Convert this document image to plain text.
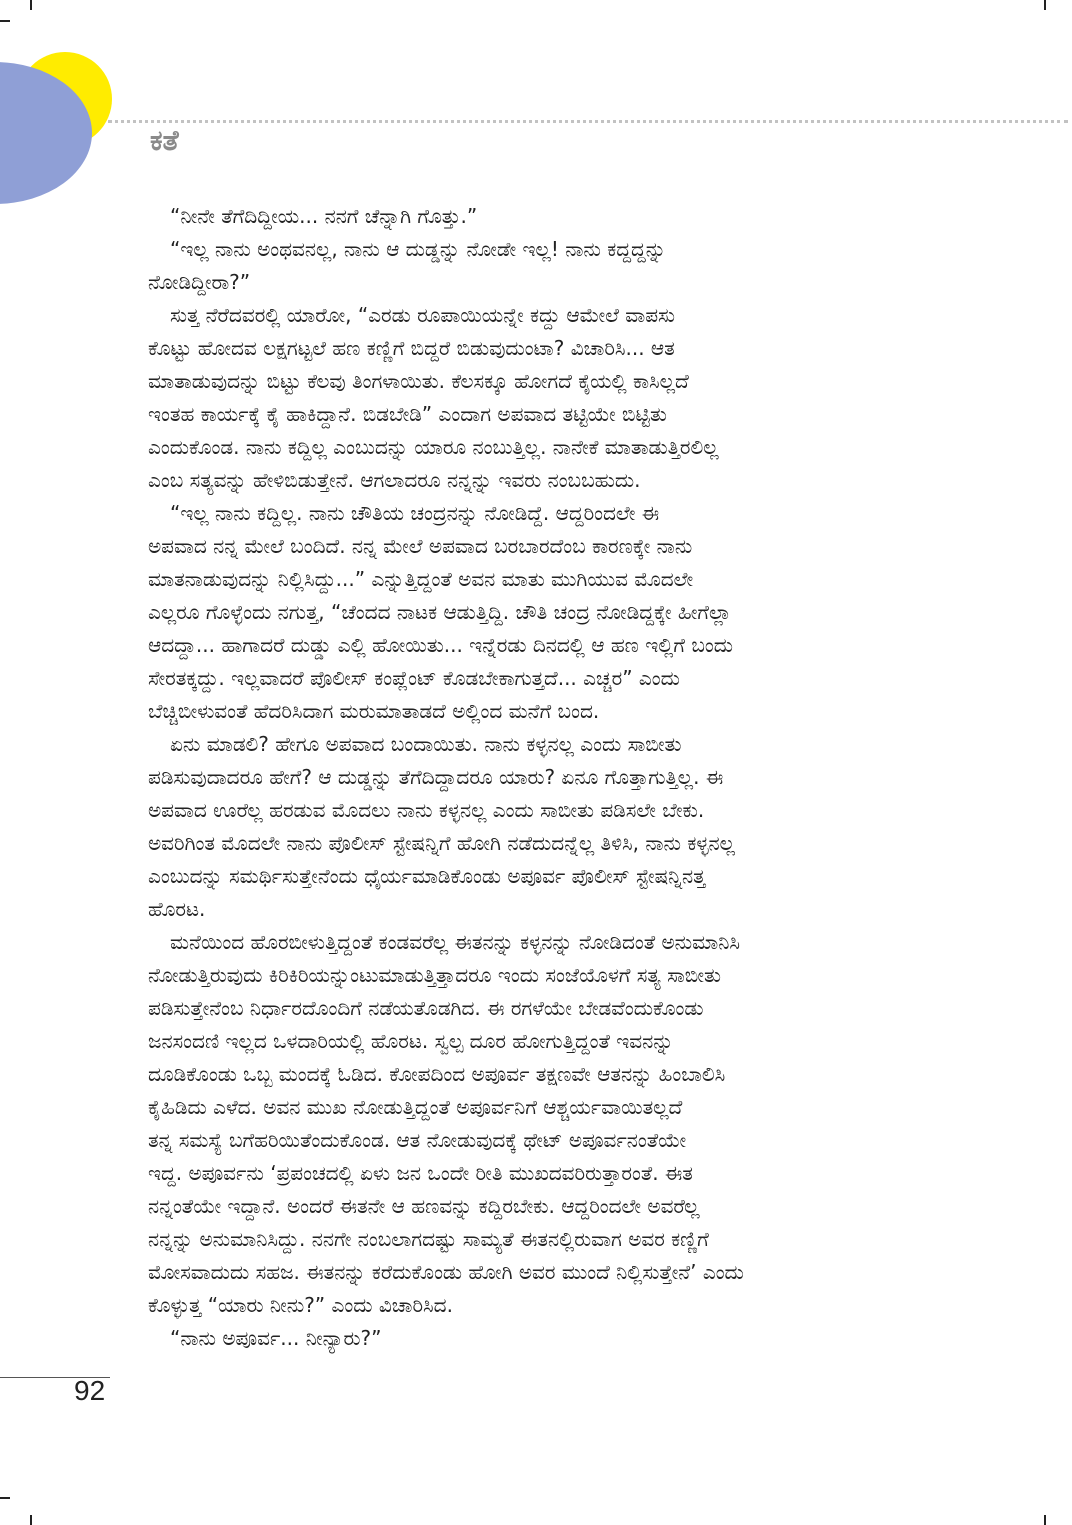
ಕತೆ

“ನೀನೇ ತೆಗೆದಿದ್ದೀಯ... ನನಗೆ ಚೆನ್ನಾಗಿ ಗೊತ್ತು.”

“ಇಲ್ಲ ನಾನು ಅಂಥವನಲ್ಲ, ನಾನು ಆ ದುಡ್ಡನ್ನು ನೋಡೇ ಇಲ್ಲ! ನಾನು ಕದ್ದದ್ದನ್ನು

ನೋಡಿದ್ದೀರಾ?”

ಸುತ್ತ ನೆರೆದವರಲ್ಲಿ ಯಾರೋ, “ಎರಡು ರೂಪಾಯಿಯನ್ನೇ ಕದ್ದು ಆಮೇಲೆ ವಾಪಸು

ಕೊಟ್ಟು ಹೋದವ ಲಕ್ಷಗಟ್ಟಲೆ ಹಣ ಕಣ್ಣಿಗೆ ಬಿದ್ದರೆ ಬಿಡುವುದುಂಟಾ? ವಿಚಾರಿಸಿ... ಆತ

ಮಾತಾಡುವುದನ್ನು ಬಿಟ್ಟು ಕೆಲವು ತಿಂಗಳಾಯಿತು. ಕೆಲಸಕ್ಕೂ ಹೋಗದೆ ಕೈಯಲ್ಲಿ ಕಾಸಿಲ್ಲದೆ

ಇಂತಹ ಕಾರ್ಯಕ್ಕೆ ಕೈ ಹಾಕಿದ್ದಾನೆ. ಬಿಡಬೇಡಿ” ಎಂದಾಗ ಅಪವಾದ ತಟ್ಟಿಯೇ ಬಿಟ್ಟಿತು

ಎಂದುಕೊಂಡ. ನಾನು ಕದ್ದಿಲ್ಲ ಎಂಬುದನ್ನು ಯಾರೂ ನಂಬುತ್ತಿಲ್ಲ. ನಾನೇಕೆ ಮಾತಾಡುತ್ತಿರಲಿಲ್ಲ

ಎಂಬ ಸತ್ಯವನ್ನು ಹೇಳಿಬಿಡುತ್ತೇನೆ. ಆಗಲಾದರೂ ನನ್ನನ್ನು ಇವರು ನಂಬಬಹುದು.

“ಇಲ್ಲ ನಾನು ಕದ್ದಿಲ್ಲ. ನಾನು ಚೌತಿಯ ಚಂದ್ರನನ್ನು ನೋಡಿದ್ದೆ. ಆದ್ದರಿಂದಲೇ ಈ

ಅಪವಾದ ನನ್ನ ಮೇಲೆ ಬಂದಿದೆ. ನನ್ನ ಮೇಲೆ ಅಪವಾದ ಬರಬಾರದೆಂಬ ಕಾರಣಕ್ಕೇ ನಾನು

ಮಾತನಾಡುವುದನ್ನು ನಿಲ್ಲಿಸಿದ್ದು...” ಎನ್ನುತ್ತಿದ್ದಂತೆ ಅವನ ಮಾತು ಮುಗಿಯುವ ಮೊದಲೇ

ಎಲ್ಲರೂ ಗೊಳ್ಳೆಂದು ನಗುತ್ತ, “ಚೆಂದದ ನಾಟಕ ಆಡುತ್ತಿದ್ದಿ. ಚೌತಿ ಚಂದ್ರ ನೋಡಿದ್ದಕ್ಕೇ ಹೀಗೆಲ್ಲಾ

ಆದದ್ದಾ... ಹಾಗಾದರೆ ದುಡ್ಡು ಎಲ್ಲಿ ಹೋಯಿತು... ಇನ್ನೆರಡು ದಿನದಲ್ಲಿ ಆ ಹಣ ಇಲ್ಲಿಗೆ ಬಂದು

ಸೇರತಕ್ಕದ್ದು. ಇಲ್ಲವಾದರೆ ಪೊಲೀಸ್ ಕಂಪ್ಲೆಂಟ್ ಕೊಡಬೇಕಾಗುತ್ತದೆ... ಎಚ್ಚರ” ಎಂದು

ಬೆಚ್ಚಿಬೀಳುವಂತೆ ಹೆದರಿಸಿದಾಗ ಮರುಮಾತಾಡದೆ ಅಲ್ಲಿಂದ ಮನೆಗೆ ಬಂದ.

ಏನು ಮಾಡಲಿ? ಹೇಗೂ ಅಪವಾದ ಬಂದಾಯಿತು. ನಾನು ಕಳ್ಳನಲ್ಲ ಎಂದು ಸಾಬೀತು

ಪಡಿಸುವುದಾದರೂ ಹೇಗೆ? ಆ ದುಡ್ಡನ್ನು ತೆಗೆದಿದ್ದಾದರೂ ಯಾರು? ಏನೂ ಗೊತ್ತಾಗುತ್ತಿಲ್ಲ. ಈ

ಅಪವಾದ ಊರೆಲ್ಲ ಹರಡುವ ಮೊದಲು ನಾನು ಕಳ್ಳನಲ್ಲ ಎಂದು ಸಾಬೀತು ಪಡಿಸಲೇ ಬೇಕು.

ಅವರಿಗಿಂತ ಮೊದಲೇ ನಾನು ಪೊಲೀಸ್ ಸ್ಟೇಷನ್ನಿಗೆ ಹೋಗಿ ನಡೆದುದನ್ನೆಲ್ಲ ತಿಳಿಸಿ, ನಾನು ಕಳ್ಳನಲ್ಲ

ಎಂಬುದನ್ನು ಸಮರ್ಥಿಸುತ್ತೇನೆಂದು ಧೈರ್ಯಮಾಡಿಕೊಂಡು ಅಪೂರ್ವ ಪೊಲೀಸ್ ಸ್ಟೇಷನ್ನಿನತ್ತ

ಹೊರಟ.

ಮನೆಯಿಂದ ಹೊರಬೀಳುತ್ತಿದ್ದಂತೆ ಕಂಡವರೆಲ್ಲ ಈತನನ್ನು ಕಳ್ಳನನ್ನು ನೋಡಿದಂತೆ ಅನುಮಾನಿಸಿ

ನೋಡುತ್ತಿರುವುದು ಕಿರಿಕಿರಿಯನ್ನುಂಟುಮಾಡುತ್ತಿತ್ತಾದರೂ ಇಂದು ಸಂಜೆಯೊಳಗೆ ಸತ್ಯ ಸಾಬೀತು

ಪಡಿಸುತ್ತೇನೆಂಬ ನಿರ್ಧಾರದೊಂದಿಗೆ ನಡೆಯತೊಡಗಿದ. ಈ ರಗಳೆಯೇ ಬೇಡವೆಂದುಕೊಂಡು

ಜನಸಂದಣಿ ಇಲ್ಲದ ಒಳದಾರಿಯಲ್ಲಿ ಹೊರಟ. ಸ್ವಲ್ಪ ದೂರ ಹೋಗುತ್ತಿದ್ದಂತೆ ಇವನನ್ನು

ದೂಡಿಕೊಂಡು ಒಬ್ಬ ಮಂದಕ್ಕೆ ಓಡಿದ. ಕೋಪದಿಂದ ಅಪೂರ್ವ ತಕ್ಷಣವೇ ಆತನನ್ನು ಹಿಂಬಾಲಿಸಿ

ಕೈಹಿಡಿದು ಎಳೆದ. ಅವನ ಮುಖ ನೋಡುತ್ತಿದ್ದಂತೆ ಅಪೂರ್ವನಿಗೆ ಆಶ್ಚರ್ಯವಾಯಿತಲ್ಲದೆ

ತನ್ನ ಸಮಸ್ಯೆ ಬಗೆಹರಿಯಿತೆಂದುಕೊಂಡ. ಆತ ನೋಡುವುದಕ್ಕೆ ಥೇಟ್ ಅಪೂರ್ವನಂತೆಯೇ

ಇದ್ದ. ಅಪೂರ್ವನು ‘ಪ್ರಪಂಚದಲ್ಲಿ ಏಳು ಜನ ಒಂದೇ ರೀತಿ ಮುಖದವರಿರುತ್ತಾರಂತೆ. ಈತ

ನನ್ನಂತೆಯೇ ಇದ್ದಾನೆ. ಅಂದರೆ ಈತನೇ ಆ ಹಣವನ್ನು ಕದ್ದಿರಬೇಕು. ಆದ್ದರಿಂದಲೇ ಅವರೆಲ್ಲ

ನನ್ನನ್ನು ಅನುಮಾನಿಸಿದ್ದು. ನನಗೇ ನಂಬಲಾಗದಷ್ಟು ಸಾಮ್ಯತೆ ಈತನಲ್ಲಿರುವಾಗ ಅವರ ಕಣ್ಣಿಗೆ

ಮೋಸವಾದುದು ಸಹಜ. ಈತನನ್ನು ಕರೆದುಕೊಂಡು ಹೋಗಿ ಅವರ ಮುಂದೆ ನಿಲ್ಲಿಸುತ್ತೇನೆ’ ಎಂದು

ಕೊಳ್ಳುತ್ತ “ಯಾರು ನೀನು?” ಎಂದು ವಿಚಾರಿಸಿದ.

“ನಾನು ಅಪೂರ್ವ... ನೀನ್ಯಾರು?”

92
